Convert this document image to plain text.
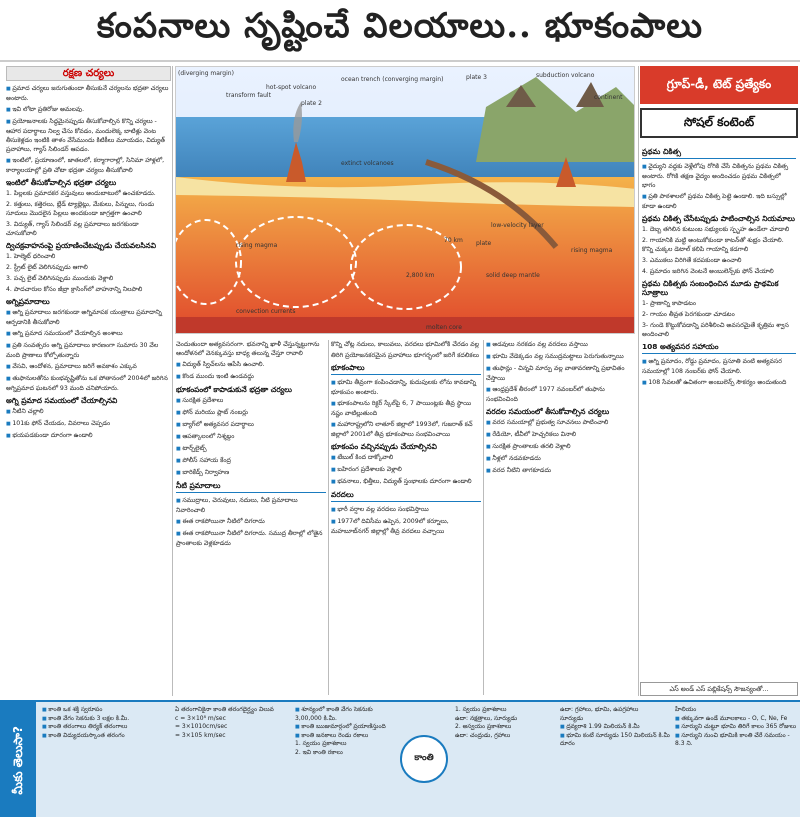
కంపనాలు సృష్టించే విలయాలు.. భూకంపాలు
రక్షణ చర్యలు

■ ప్రమాద చర్యలు జరుగుతుందా తీసుకునే చర్యలను భద్రతా చర్యలు అంటారు.

■ ఇవి లోటా ప్రతిరోజు అమలవు.

■ ప్రయోజనాలకు సిద్ధమైనప్పుడు తీసుకోవాల్సిన కొన్ని చర్యలు - ఆహార పదార్థాలు నిల్వ చేసు కోవడం, మందులెక్క బాటిళ్లు వెంట తీసుకెళ్లడం ఇంటికి తాళం వేసేముందు కిటికీలు మూయడం, విద్యుత్ ప్రవాహాలు, గ్యాస్ సిలిండర్ ఆపడం.

■ ఇంటిలో, ప్రయాణంలో, జాతలలో, కర్మాగారాల్లో, సినిమా హాళ్లలో, కార్యాలయాల్లో ప్రతి చోటా భద్రతా చర్యలు తీసుకోవాలి

ఇంటిలో తీసుకోవాల్సిన భద్రతా చర్యలు

1. పిల్లలకు ప్రమాదకర వస్తువులు అందుబాటులో ఉంచకూడదు.

2. కత్తులు, కత్తెరలు, బ్లేడ్ ట్యాబ్లెట్లు, మేకులు, పిన్నులు, గుండు సూదులు మొదలైన పిల్లలు అందకుండా జాగ్రత్తగా ఉంచాలి

3. విద్యుత్, గ్యాస్ సిలిండర్ వల్ల ప్రమాదాలు జరగకుండా చూసుకోవాలి

ద్విచక్రవాహనంపై ప్రయాణించేటప్పుడు చేయవలసినవి

1. హెల్మెట్ ధరించాలి

2. స్ట్రీట్ లైట్ వెలిగినప్పుడు ఆగాలి

3. పచ్చ లైట్ వెలిగినప్పుడు ముందుకు వెళ్లాలి

4. పాదచారుల కోసం జీబ్రా క్రాసింగ్‌లో వాహనాన్ని నిలపాలి

అగ్నిప్రమాదాలు

■ అగ్ని ప్రమాదాలు జరగకుండా అగ్నిమాపక యంత్రాలు ప్రమాదాన్ని ఆర్పడానికి తీసుకోవాలి

■ అగ్ని ప్రమాద సమయంలో చేయాల్సిన అంశాలు

■ ప్రతి సంవత్సరం అగ్ని ప్రమాదాలు కారణంగా సుమారు 30 వేల మంది ప్రాణాలు కోల్పోతున్నారు

■ వేసవి, ఆందోళన, ప్రమాదాలు జరిగే అవకాశం ఎక్కువ

■ తుఫానులతోను కుంభవృష్టితోను ఒక పోతానంలో 2004లో జరిగిన అగ్నిప్రమాద ఘటనలో 93 మంది చనిపోయారు.

అగ్ని ప్రమాద సమయంలో చేయాల్సినవి

■ నీటిని చల్లాలి

■ 101కు ఫోన్ చేయడం, వివరాలు చెప్పడం

■ భయపడకుండా దూరంగా ఉండాలి

(diverging margin)
transform fault
hot-spot volcano
plate 2
ocean trench (converging margin)	plate 3	subduction volcano
continent
extinct volcanoes
rising magma
70 km plate
low-velocity layer
2,800 km	solid deep mantle
rising magma
convection currents
molten core

చెందుతుందా అత్యవసరంగా. భవనాన్ని ఖాళీ చేస్తున్నట్టుగాను ఆందోళనలో వెనక్కువస్తు బాధ్య తలున్న చేస్తూ రావాలి

■ విద్యుత్ స్విచ్‌లను ఆపేసి ఉంచాలి.

■ కొండ ముందు ఇంటి ఉండవద్దు

భూకంపంలో కాపాడుకునే భద్రతా చర్యలు

■ సుర‌క్షిత ప్రదేశాలు

■ ఫోన్ మరియు ప్లాట్ నంబర్లు

■ బ్యాగ్‌లో అత్యవసర పదార్థాలు

■ ఆపత్కాలంలో నిశ్శబ్దం

■ టార్చ్‌లైట్స్

■ పోలీస్ సహాయ కేంద్ర

■ బారికేడ్స్ నిర్వాహణ

నీటి ప్రమాదాలు

■ సముద్రాలు, చెరువులు, నదులు, నీటి ప్రమాదాలు నివారించాలి

■ ఈత రాకపోయినా నీటిలో దిగరాదు

■ ఈత రాకపోయినా నీటిలో దిగరాదు. సముద్ర తీరాల్లో లోతైన ప్రాంతాలకు వెళ్లకూడదు

కొన్ని చోట్ల నదులు, కాలువలు, వరదలు భూమిలోకి చేరడం వల్ల

తిరిగి ప్రయోజనకరమైన ప్రవాహాలు భూగర్భంలో జరిగే కదలికలు

భూకంపాలు

■ భూమి తీవ్రంగా కంపించడాన్ని, కుదుపులకు లోను కావడాన్ని భూకంపం అంటారు.

■ భూకంపాలను రిక్టర్ స్కేల్‌పై 6, 7 పాయింట్లకు తీవ్ర స్థాయి నష్టం వాటిల్లుతుంది

■ మహారాష్ట్రలోని లాతూర్ జిల్లాలో 1993లో, గుజరాత్ కచ్ జిల్లాలో 2001లో తీవ్ర భూకంపాలు సంభవించాయి

భూకంపం వచ్చినప్పుడు చేయాల్సినవి

■ టేబుల్ కింద దాక్కోవాలి

■ బహిరంగ ప్రదేశాలకు వెళ్లాలి

■ భవనాలు, భిత్తీలు, విద్యుత్ స్తంభాలకు దూరంగా ఉండాలి

వరదలు

■ భారీ వర్షాల వల్ల వరదలు సంభవిస్తాయి

■ 1977లో దివిసీమ ఉప్పెన, 2009లో కర్నూలు, మహబూబ్‌నగర్ జిల్లాల్లో తీవ్ర వరదలు వచ్చాయి

■ అడవులు నరకడం వల్ల వరదలు వస్తాయి

■ భూమి వేడెక్కడం వల్ల సముద్రమట్టాలు పెరుగుతున్నాయి

■ తుఫాన్లు - చిన్నవి మార్పు వల్ల వాతావరణాన్ని ప్రభావితం చేస్తాయి

■ ఆంధ్రప్రదేశ్ తీరంలో 1977 నవంబర్‌లో తుఫాను సంభవించింది

వరదల సమయంలో తీసుకోవాల్సిన చర్యలు

■ వరద సమయాల్లో ప్రభుత్వ సూచనలు పాటించాలి

■ రేడియో, టీవీలో హెచ్చరికలు వినాలి

■ సురక్షిత ప్రాంతాలకు తరలి వెళ్లాలి

■ నీళ్లలో నడవకూడదు

■ వరద నీటిని తాగకూడదు

గ్రూప్-డీ, టెట్ ప్రత్యేకం
సోషల్ కంటెంట్
ప్రథమ చికిత్స

■ వైద్యుని వద్దకు వెళ్లేలోపు రోగికి చేసే చికిత్సను ప్రథమ చికిత్స అంటారు. రోగికి తక్షణ వైద్యం అందించడం ప్రథమ చికిత్సలో భాగం

■ ప్రతి పాఠశాలలో ప్రథమ చికిత్స పెట్టె ఉండాలి. ఇది బస్సుల్లో కూడా ఉండాలి

ప్రథమ చికిత్స చేసేటప్పుడు పాటించాల్సిన నియమాలు

1. దెబ్బ తగిలిన కుటుంబ సభ్యులకు స్పృహ ఉండేలా చూడాలి

2. గాయానికి మట్టి అంటుకోకుండా కాటన్‌తో శుభ్రం చేయాలి. కొన్ని చుక్కల డెటాల్ కలిపి గాయాన్ని కడగాలి

3. ఎముకలు విరిగితే కదపకుండా ఉంచాలి

4. ప్రమాదం జరిగిన వెంటనే అంబులెన్స్‌కు ఫోన్ చేయాలి

ప్రథమ చికిత్సకు సంబంధించిన మూడు ప్రాథమిక సూత్రాలు

1- ప్రాణాన్ని కాపాడటం

2- గాయం తీవ్రత పెరగకుండా చూడటం

3- గుండె కొట్టుకోవడాన్ని పరిశీలించి అవసరమైతే కృత్రిమ శ్వాస అందించాలి

108 అత్యవసర సహాయం

■ అగ్ని ప్రమాదం, రోడ్డు ప్రమాదం, ప్రసూతి వంటి అత్యవసర సమయాల్లో 108 నంబర్‌కు ఫోన్ చేయాలి.

■ 108 సేవలతో ఉచితంగా అంబులెన్స్ సౌకర్యం అందుతుంది

ఎస్ అండ్ ఎస్ పబ్లికేషన్స్ సౌజన్యంతో...
మీకు తెలుసా?

■ కాంతి ఒక శక్తి స్వరూపం

■ కాంతి వేగం సెకనుకు 3 లక్షల కి.మీ.

■ కాంతి తరంగాలు తిర్యక్ తరంగాలు

■ కాంతి విద్యుదయస్కాంత తరంగం

ఏ తరంగానికైనా కాంతి తరంగదైర్ఘ్యం విలువ

c = 3×10⁸ m/sec

= 3×1010cm/sec

= 3×105 km/sec

■ శూన్యంలో కాంతి వేగం సెకనుకు 3,00,000 కి.మీ.

■ కాంతి ఋజుమార్గంలో ప్రయాణిస్తుంది

■ కాంతి జనకాలు రెండు రకాలు

1. స్వయం ప్రకాశకాలు

2. ఇవి కాంతి రకాలు

1. స్వయం ప్రకాశకాలు

ఉదా: నక్షత్రాలు, సూర్యుడు

2. అస్వయం ప్రకాశకాలు

ఉదా: చంద్రుడు, గ్రహాలు

ఉదా: గ్రహాలు, భూమి, ఉపగ్రహాలు

సూర్యుడు

■ ద్రవ్యరాశి 1.99 మిలియన్ కి.మీ

■ భూమి కంటే సూర్యుడు 150 మిలియన్ కి.మీ దూరం

హీలియం

■ తక్కువగా ఉండే మూలకాలు - O, C, Ne, Fe

■ సూర్యుని చుట్టూ భూమి తిరిగే కాలం 365 రోజులు

■ సూర్యుని నుంచి భూమికి కాంతి చేరే సమయం - 8.3 ని.

కాంతి
